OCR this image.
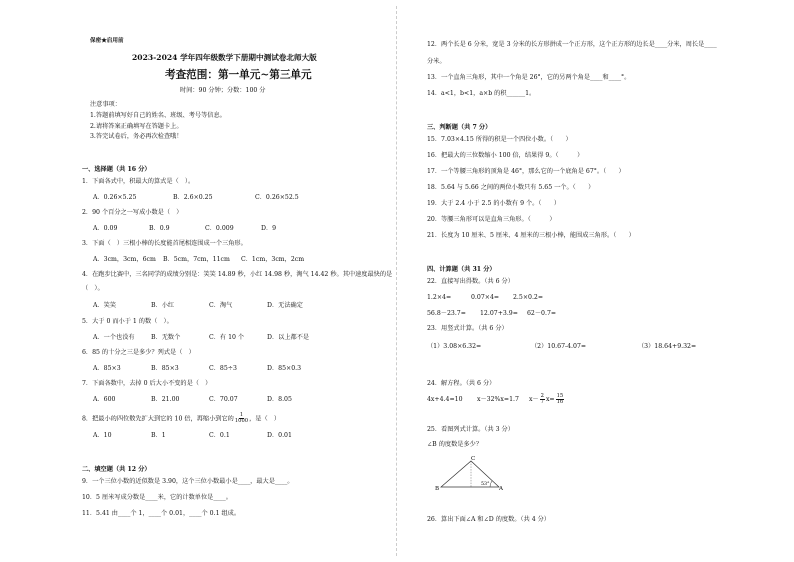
保密★启用前
2023-2024 学年四年级数学下册期中测试卷北师大版
考查范围：第一单元~第三单元
时间：90 分钟；分数：100 分
注意事项：
1.答题前填写好自己的姓名、班级、考号等信息。
2.请将答案正确填写在答题卡上。
3.答完试卷后，务必再次检查哦！
一、选择题（共 16 分）
1．下面各式中，积最大的算式是（　）。
A．0.26×5.25	B．2.6×0.25	C．0.26×52.5
2．90 个百分之一写成小数是（　）
A．0.09	B．0.9	C．0.009	D．9
3．下面（　）三根小棒的长度能首尾相连围成一个三角形。
A．3cm，3cm，6cm	B．5cm，7cm，11cm	C．1cm，3cm，2cm
4．在跑步比赛中，三名同学的成绩分别是：笑笑 14.89 秒，小红 14.98 秒，淘气 14.42 秒。其中速度最快的是
（　）。
A．笑笑	B．小红	C．淘气	D．无法确定
5．大于 0 而小于 1 的数（　）。
A．一个也没有	B．无数个	C．有 10 个	D．以上都不是
6．85 的十分之三是多少？列式是（　）
A．85×3	B．85×3	C．85÷3	D．85×0.3
7．下面各数中，去掉 0 后大小不变的是（　）
A．600	B．21.00	C．70.07	D．8.05
8．把最小的四位数先扩大到它的 10 倍，再缩小到它的 $\frac{1}{1000}$ ，是（　）
A．10	B．1	C．0.1	D．0.01
二、填空题（共 12 分）
9．一个三位小数的近似数是 3.90，这个三位小数最小是____，最大是____。
10．5 厘米写成分数是____米，它的计数单位是____。
11．5.41 由____个 1，____个 0.01，____个 0.1 组成。
12．两个长是 6 分米，宽是 3 分米的长方形拼成一个正方形，这个正方形的边长是____分米，周长是____
分米。
13．一个直角三角形，其中一个角是 26°，它的另两个角是____和____°。
14．a<1，b<1，a×b 的积______1。
三、判断题（共 7 分）
15．7.03×4.15 所得的积是一个四位小数。（　　）
16．把最大的三位数缩小 100 倍，结果得 9。（　　　）
17．一个等腰三角形的顶角是 46°，那么它的一个底角是 67°。（　　）
18．5.64 与 5.66 之间的两位小数只有 5.65 一个。（　　）
19．大于 2.4 小于 2.5 的小数有 9 个。（　　）
20．等腰三角形可以是直角三角形。（　　　）
21．长度为 10 厘米、5 厘米、4 厘米的三根小棒，能围成三角形。（　　）
四、计算题（共 31 分）
22．直接写出得数。（共 6 分）
1.2×4=	0.07×4=	2.5×0.2=
56.8－23.7=	12.07+3.9=	62－0.7=
23．用竖式计算。（共 6 分）
（1）3.08×6.32=	（2）10.67-4.07=	（3）18.64+9.32=
24．解方程。（共 6 分）
4x+4.4=10 x－32%x=1.7 $x- \frac{2}{7} x= \frac{15}{16}$
25．看图列式计算。（共 3 分）
∠B 的度数是多少？
B
C
A
53°
26．算出下面∠A 和∠D 的度数。（共 4 分）
